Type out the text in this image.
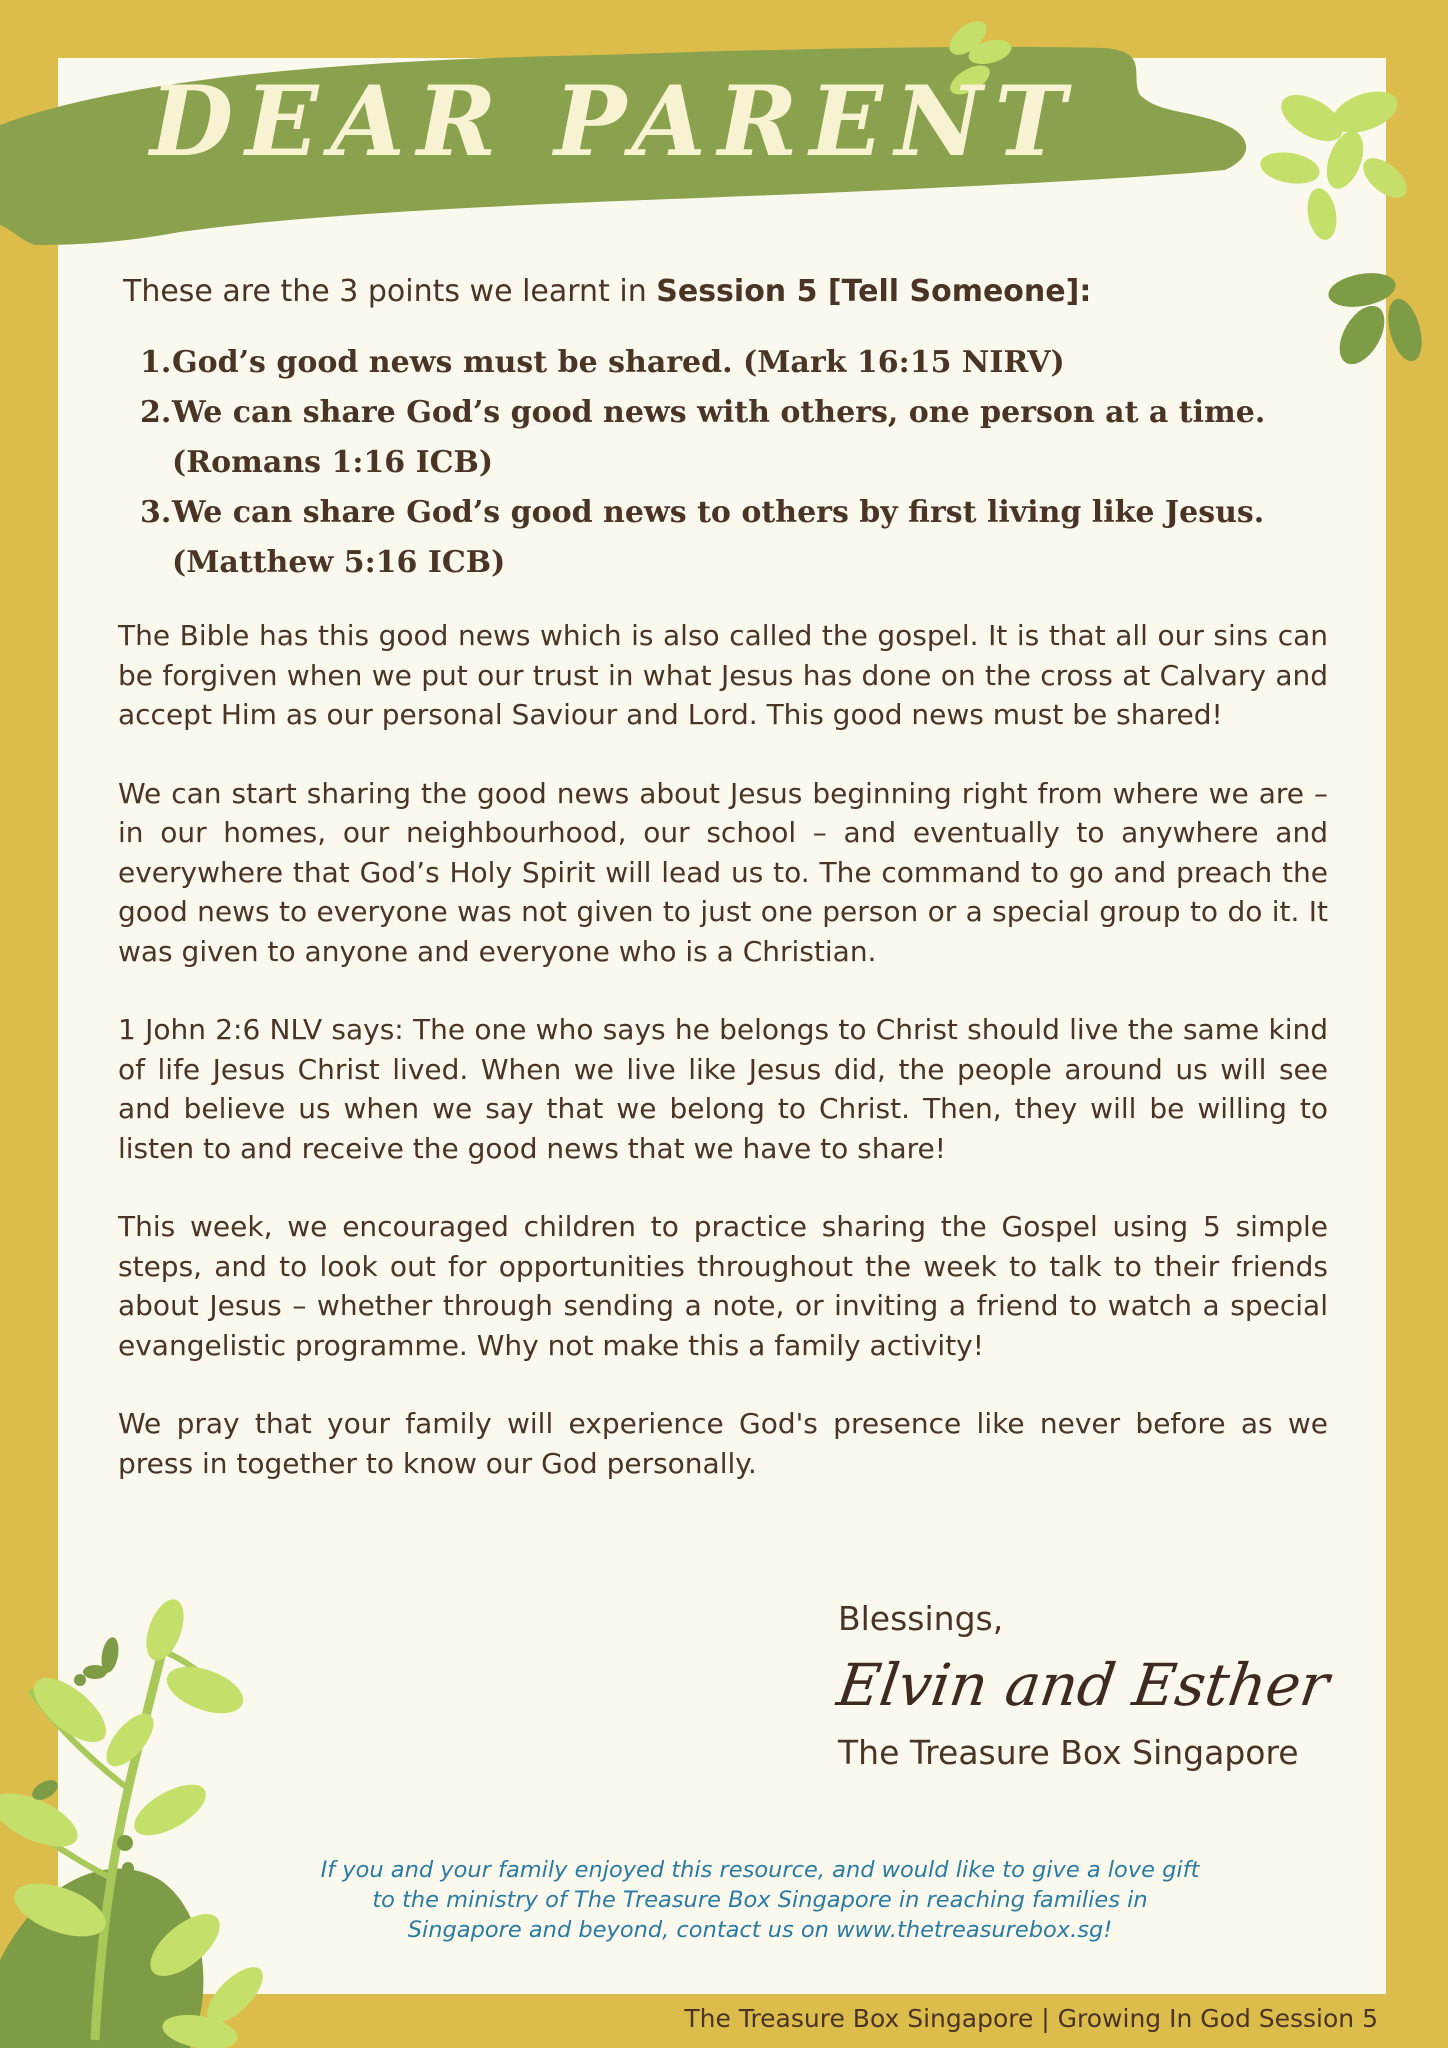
DEAR PARENT

These are the 3 points we learnt in Session 5 [Tell Someone]:

1. God’s good news must be shared. (Mark 16:15 NIRV)
2. We can share God’s good news with others, one person at a time. (Romans 1:16 ICB)
3. We can share God’s good news to others by first living like Jesus. (Matthew 5:16 ICB)

The Bible has this good news which is also called the gospel. It is that all our sins can be forgiven when we put our trust in what Jesus has done on the cross at Calvary and accept Him as our personal Saviour and Lord. This good news must be shared!

We can start sharing the good news about Jesus beginning right from where we are – in our homes, our neighbourhood, our school – and eventually to anywhere and everywhere that God’s Holy Spirit will lead us to. The command to go and preach the good news to everyone was not given to just one person or a special group to do it. It was given to anyone and everyone who is a Christian.

1 John 2:6 NLV says: The one who says he belongs to Christ should live the same kind of life Jesus Christ lived. When we live like Jesus did, the people around us will see and believe us when we say that we belong to Christ. Then, they will be willing to listen to and receive the good news that we have to share!

This week, we encouraged children to practice sharing the Gospel using 5 simple steps, and to look out for opportunities throughout the week to talk to their friends about Jesus – whether through sending a note, or inviting a friend to watch a special evangelistic programme. Why not make this a family activity!

We pray that your family will experience God's presence like never before as we press in together to know our God personally.

Blessings,

Elvin and Esther

The Treasure Box Singapore

If you and your family enjoyed this resource, and would like to give a love gift to the ministry of The Treasure Box Singapore in reaching families in Singapore and beyond, contact us on www.thetreasurebox.sg!

The Treasure Box Singapore | Growing In God Session 5
